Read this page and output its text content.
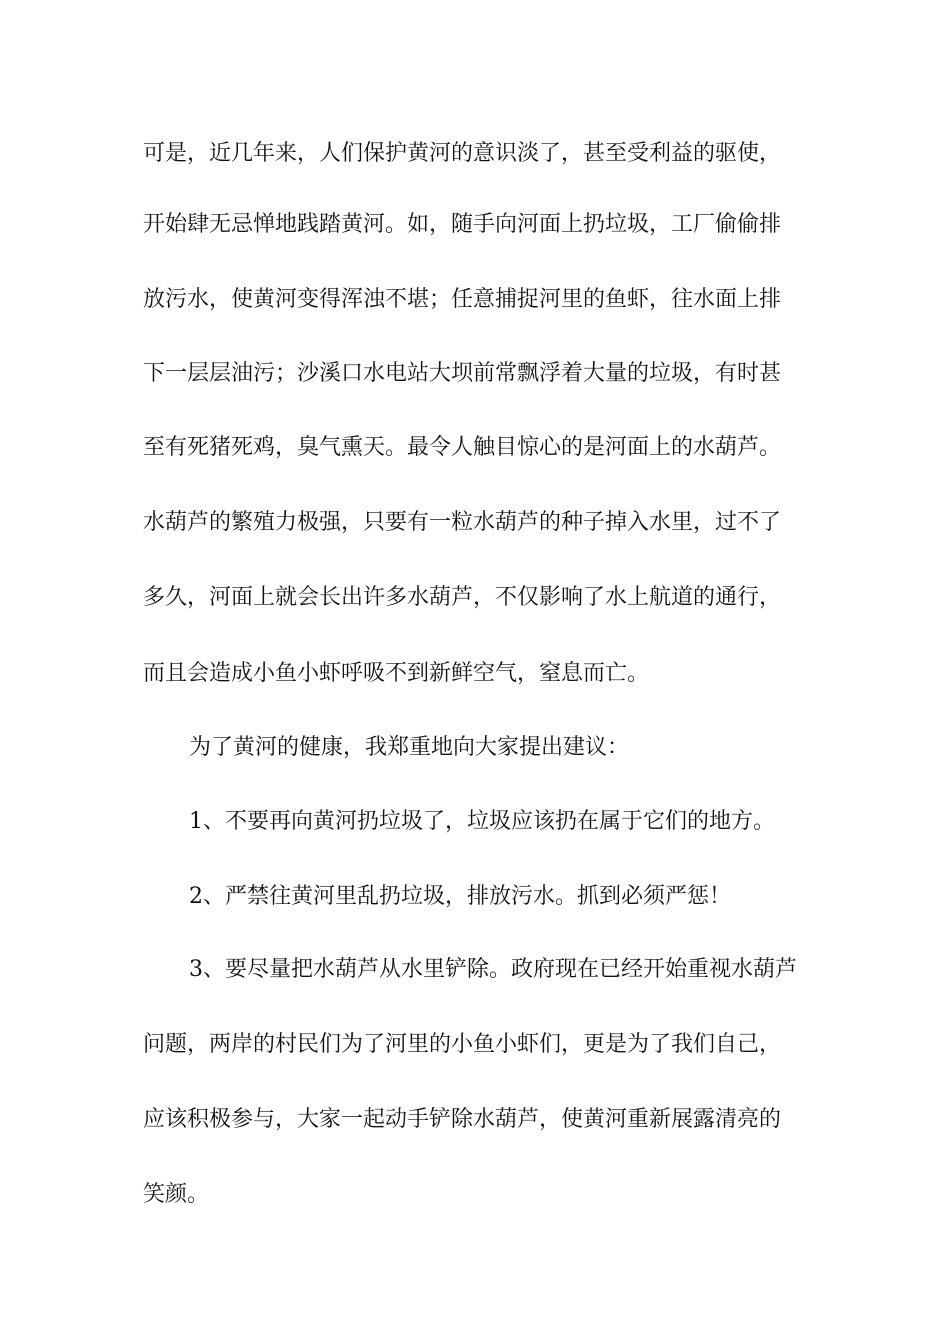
可是，近几年来，人们保护黄河的意识淡了，甚至受利益的驱使，
开始肆无忌惮地践踏黄河。如，随手向河面上扔垃圾，工厂偷偷排
放污水，使黄河变得浑浊不堪；任意捕捉河里的鱼虾，往水面上排
下一层层油污；沙溪口水电站大坝前常飘浮着大量的垃圾，有时甚
至有死猪死鸡，臭气熏天。最令人触目惊心的是河面上的水葫芦。
水葫芦的繁殖力极强，只要有一粒水葫芦的种子掉入水里，过不了
多久，河面上就会长出许多水葫芦，不仅影响了水上航道的通行，
而且会造成小鱼小虾呼吸不到新鲜空气，窒息而亡。
为了黄河的健康，我郑重地向大家提出建议：
1、不要再向黄河扔垃圾了，垃圾应该扔在属于它们的地方。
2、严禁往黄河里乱扔垃圾，排放污水。抓到必须严惩！
3、要尽量把水葫芦从水里铲除。政府现在已经开始重视水葫芦
问题，两岸的村民们为了河里的小鱼小虾们，更是为了我们自己，
应该积极参与，大家一起动手铲除水葫芦，使黄河重新展露清亮的
笑颜。
